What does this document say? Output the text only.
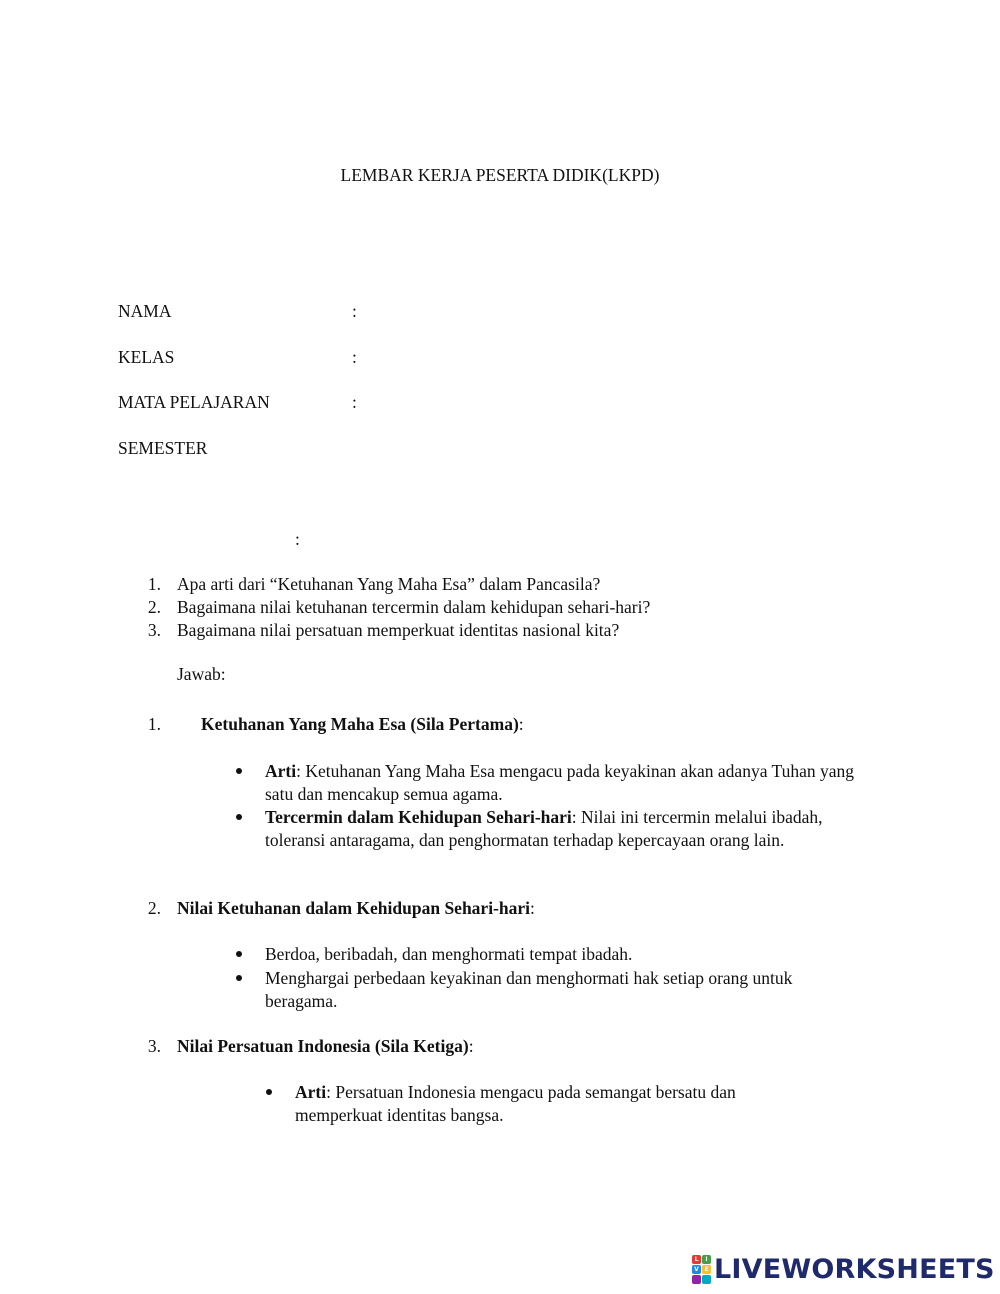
LEMBAR KERJA PESERTA DIDIK(LKPD)
NAMA	:
KELAS	:
MATA PELAJARAN	:
SEMESTER
:
1. Apa arti dari “Ketuhanan Yang Maha Esa” dalam Pancasila?
2. Bagaimana nilai ketuhanan tercermin dalam kehidupan sehari-hari?
3. Bagaimana nilai persatuan memperkuat identitas nasional kita?
Jawab:
1. Ketuhanan Yang Maha Esa (Sila Pertama):
Arti: Ketuhanan Yang Maha Esa mengacu pada keyakinan akan adanya Tuhan yang satu dan mencakup semua agama.
Tercermin dalam Kehidupan Sehari-hari: Nilai ini tercermin melalui ibadah, toleransi antaragama, dan penghormatan terhadap kepercayaan orang lain.
2. Nilai Ketuhanan dalam Kehidupan Sehari-hari:
Berdoa, beribadah, dan menghormati tempat ibadah.
Menghargai perbedaan keyakinan dan menghormati hak setiap orang untuk beragama.
3. Nilai Persatuan Indonesia (Sila Ketiga):
Arti: Persatuan Indonesia mengacu pada semangat bersatu dan memperkuat identitas bangsa.
L	I
V E LIVEWORKSHEETS
